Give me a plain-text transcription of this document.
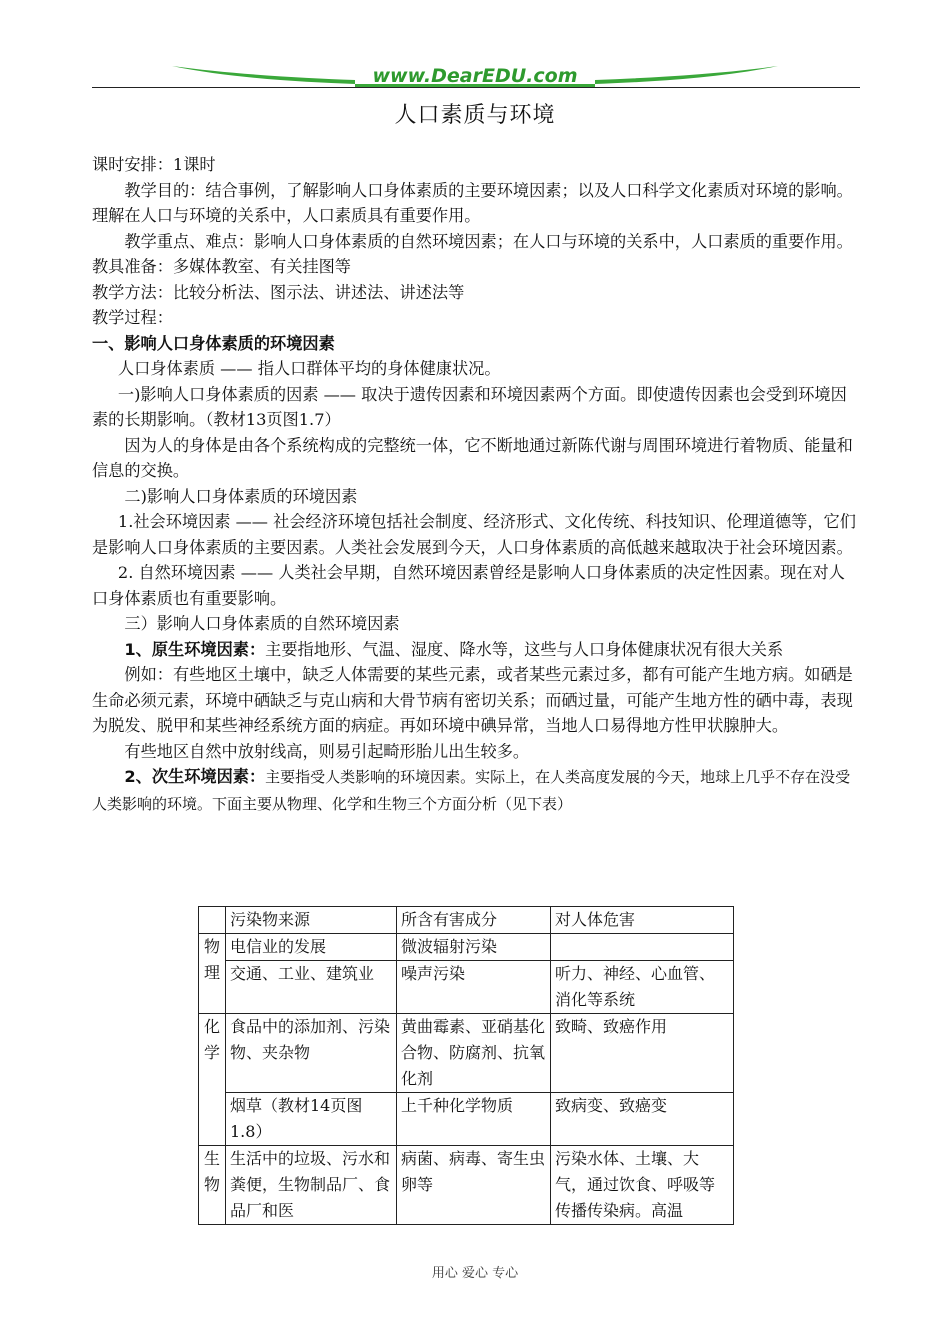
www.DearEDU.com
人口素质与环境

课时安排：1课时

教学目的：结合事例，了解影响人口身体素质的主要环境因素；以及人口科学文化素质对环境的影响。理解在人口与环境的关系中，人口素质具有重要作用。

教学重点、难点：影响人口身体素质的自然环境因素；在人口与环境的关系中，人口素质的重要作用。

教具准备：多媒体教室、有关挂图等

教学方法：比较分析法、图示法、讲述法、讲述法等

教学过程：

一、影响人口身体素质的环境因素

人口身体素质 —— 指人口群体平均的身体健康状况。

一)影响人口身体素质的因素 —— 取决于遗传因素和环境因素两个方面。即使遗传因素也会受到环境因素的长期影响。（教材13页图1.7）

因为人的身体是由各个系统构成的完整统一体，它不断地通过新陈代谢与周围环境进行着物质、能量和信息的交换。

二)影响人口身体素质的环境因素

1.社会环境因素 —— 社会经济环境包括社会制度、经济形式、文化传统、科技知识、伦理道德等，它们是影响人口身体素质的主要因素。人类社会发展到今天，人口身体素质的高低越来越取决于社会环境因素。

2. 自然环境因素 —— 人类社会早期，自然环境因素曾经是影响人口身体素质的决定性因素。现在对人口身体素质也有重要影响。

三）影响人口身体素质的自然环境因素

1、原生环境因素：主要指地形、气温、湿度、降水等，这些与人口身体健康状况有很大关系

例如：有些地区土壤中，缺乏人体需要的某些元素，或者某些元素过多，都有可能产生地方病。如硒是生命必须元素，环境中硒缺乏与克山病和大骨节病有密切关系；而硒过量，可能产生地方性的硒中毒，表现为脱发、脱甲和某些神经系统方面的病症。再如环境中碘异常，当地人口易得地方性甲状腺肿大。

有些地区自然中放射线高，则易引起畸形胎儿出生较多。

2、次生环境因素：主要指受人类影响的环境因素。实际上，在人类高度发展的今天，地球上几乎不存在没受人类影响的环境。下面主要从物理、化学和生物三个方面分析（见下表）

	污染物来源	所含有害成分	对人体危害
物理	电信业的发展	微波辐射污染	
	交通、工业、建筑业	噪声污染	听力、神经、心血管、消化等系统
化学	食品中的添加剂、污染物、夹杂物	黄曲霉素、亚硝基化合物、防腐剂、抗氧化剂	致畸、致癌作用
	烟草（教材14页图1.8）	上千种化学物质	致病变、致癌变
生物	生活中的垃圾、污水和粪便，生物制品厂、食品厂和医	病菌、病毒、寄生虫卵等	污染水体、土壤、大气，通过饮食、呼吸等传播传染病。高温
用心 爱心 专心
